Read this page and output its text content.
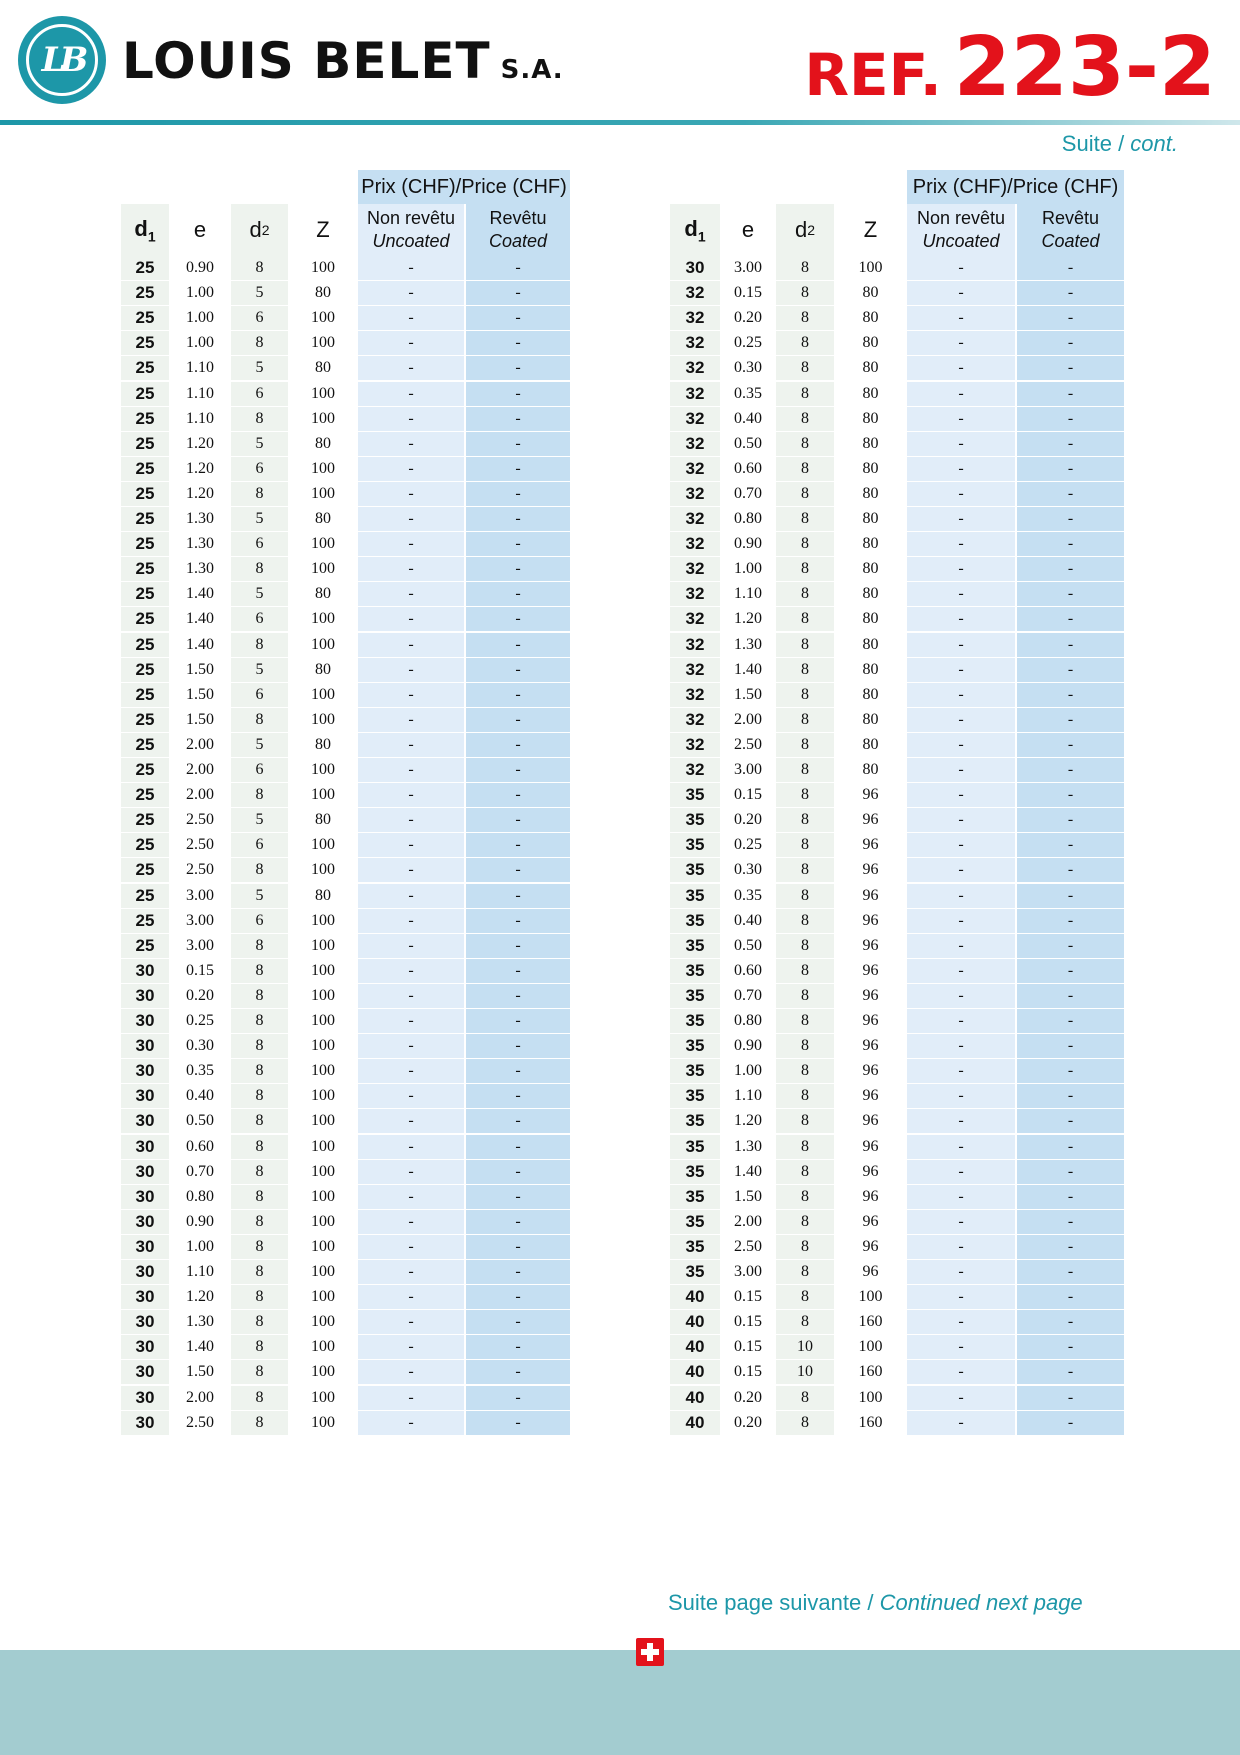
LB LOUIS BELET S.A.	REF. 223-2
Suite / cont.
Prix (CHF)/Price (CHF)
$d_1$	e	d 2	Z	Non revêtu
Uncoated
Revêtu
Coated
25	0.90	8	100	-	-
25	1.00	5	80	-	-
25	1.00	6	100	-	-
25	1.00	8	100	-	-
25	1.10	5	80	-	-
25	1.10	6	100	-	-
25	1.10	8	100	-	-
25	1.20	5	80	-	-
25	1.20	6	100	-	-
25	1.20	8	100	-	-
25	1.30	5	80	-	-
25	1.30	6	100	-	-
25	1.30	8	100	-	-
25	1.40	5	80	-	-
25	1.40	6	100	-	-
25	1.40	8	100	-	-
25	1.50	5	80	-	-
25	1.50	6	100	-	-
25	1.50	8	100	-	-
25	2.00	5	80	-	-
25	2.00	6	100	-	-
25	2.00	8	100	-	-
25	2.50	5	80	-	-
25	2.50	6	100	-	-
25	2.50	8	100	-	-
25	3.00	5	80	-	-
25	3.00	6	100	-	-
25	3.00	8	100	-	-
30	0.15	8	100	-	-
30	0.20	8	100	-	-
30	0.25	8	100	-	-
30	0.30	8	100	-	-
30	0.35	8	100	-	-
30	0.40	8	100	-	-
30	0.50	8	100	-	-
30	0.60	8	100	-	-
30	0.70	8	100	-	-
30	0.80	8	100	-	-
30	0.90	8	100	-	-
30	1.00	8	100	-	-
30	1.10	8	100	-	-
30	1.20	8	100	-	-
30	1.30	8	100	-	-
30	1.40	8	100	-	-
30	1.50	8	100	-	-
30	2.00	8	100	-	-
30	2.50	8	100	-	-
Prix (CHF)/Price (CHF)
$d_1$	e	d 2	Z	Non revêtu
Uncoated
Revêtu
Coated
30	3.00	8	100	-	-
32	0.15	8	80	-	-
32	0.20	8	80	-	-
32	0.25	8	80	-	-
32	0.30	8	80	-	-
32	0.35	8	80	-	-
32	0.40	8	80	-	-
32	0.50	8	80	-	-
32	0.60	8	80	-	-
32	0.70	8	80	-	-
32	0.80	8	80	-	-
32	0.90	8	80	-	-
32	1.00	8	80	-	-
32	1.10	8	80	-	-
32	1.20	8	80	-	-
32	1.30	8	80	-	-
32	1.40	8	80	-	-
32	1.50	8	80	-	-
32	2.00	8	80	-	-
32	2.50	8	80	-	-
32	3.00	8	80	-	-
35	0.15	8	96	-	-
35	0.20	8	96	-	-
35	0.25	8	96	-	-
35	0.30	8	96	-	-
35	0.35	8	96	-	-
35	0.40	8	96	-	-
35	0.50	8	96	-	-
35	0.60	8	96	-	-
35	0.70	8	96	-	-
35	0.80	8	96	-	-
35	0.90	8	96	-	-
35	1.00	8	96	-	-
35	1.10	8	96	-	-
35	1.20	8	96	-	-
35	1.30	8	96	-	-
35	1.40	8	96	-	-
35	1.50	8	96	-	-
35	2.00	8	96	-	-
35	2.50	8	96	-	-
35	3.00	8	96	-	-
40	0.15	8	100	-	-
40	0.15	8	160	-	-
40	0.15	10	100	-	-
40	0.15	10	160	-	-
40	0.20	8	100	-	-
40	0.20	8	160	-	-
Suite page suivante / Continued next page
